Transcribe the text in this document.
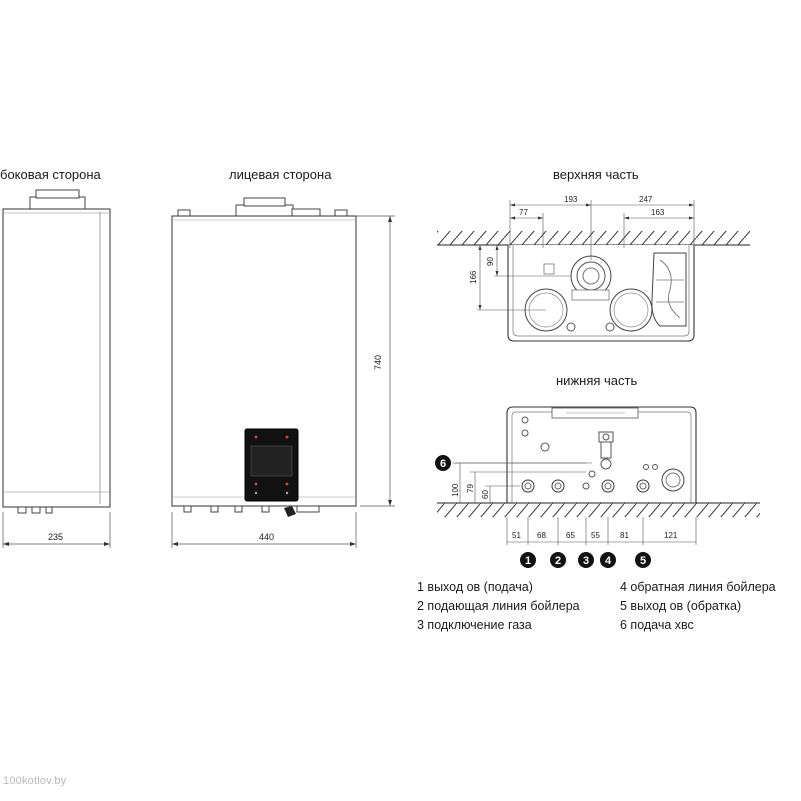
боковая сторона	лицевая сторона	верхняя часть
нижняя часть
235	440
740
193	247
77	163
166
90
100 79
60
51 68	65 55	81	121
1 2 3 4	5
6
1 выход ов (подача)
2 подающая линия бойлера
3 подключение газа
4 обратная линия бойлера
5 выход ов (обратка)
6 подача хвс
100kotlov.by
